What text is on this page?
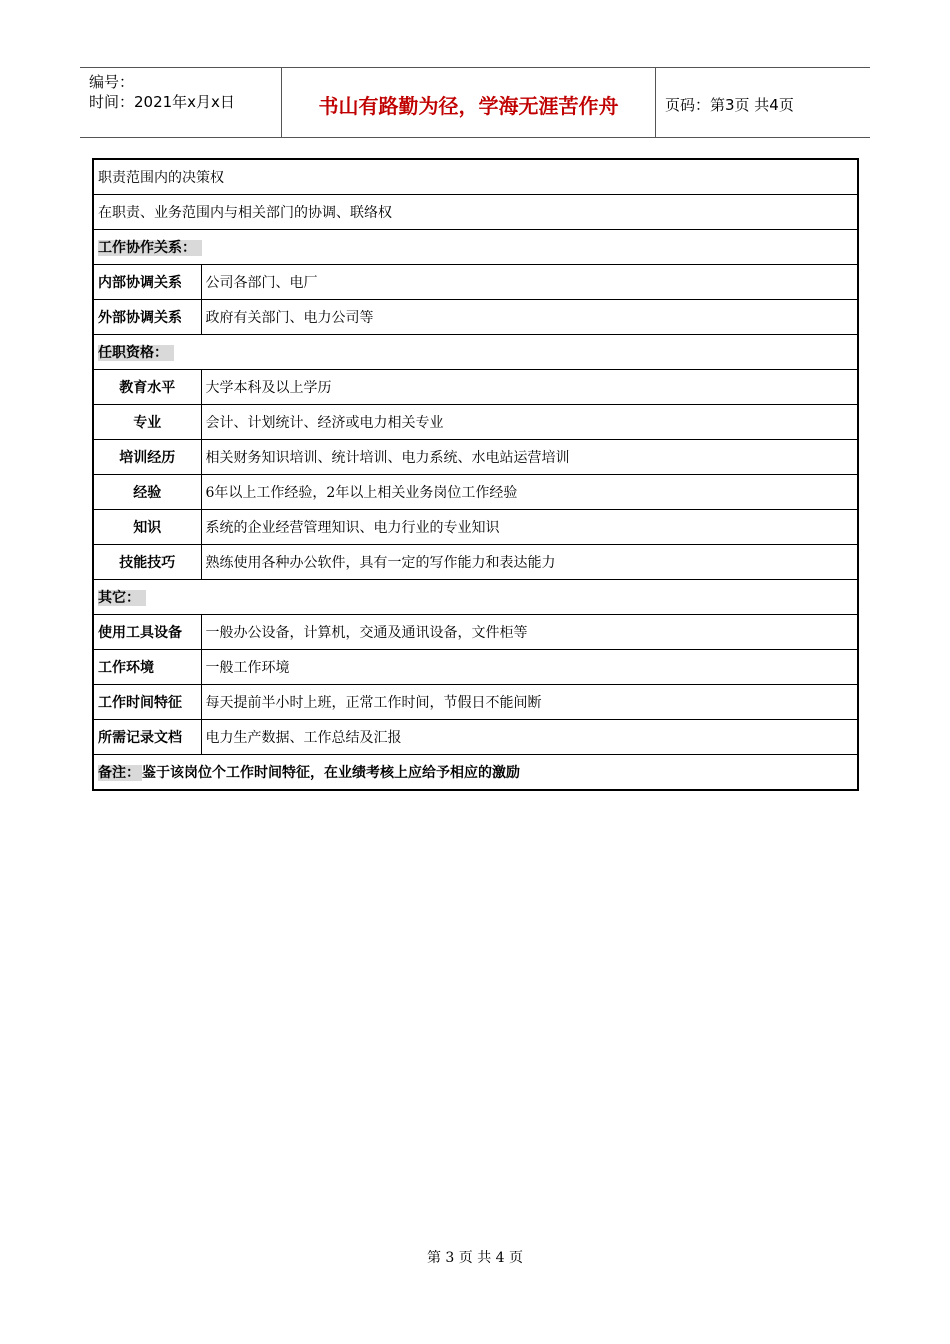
编号：
时间：2021年x月x日	书山有路勤为径，学海无涯苦作舟	页码：第3页 共4页
职责范围内的决策权	
在职责、业务范围内与相关部门的协调、联络权	
工作协作关系：	
内部协调关系	公司各部门、电厂
外部协调关系	政府有关部门、电力公司等
任职资格：	
教育水平	大学本科及以上学历
专业	会计、计划统计、经济或电力相关专业
培训经历	相关财务知识培训、统计培训、电力系统、水电站运营培训
经验	6年以上工作经验，2年以上相关业务岗位工作经验
知识	系统的企业经营管理知识、电力行业的专业知识
技能技巧	熟练使用各种办公软件，具有一定的写作能力和表达能力
其它：	
使用工具设备	一般办公设备，计算机，交通及通讯设备，文件柜等
工作环境	一般工作环境
工作时间特征	每天提前半小时上班，正常工作时间，节假日不能间断
所需记录文档	电力生产数据、工作总结及汇报
备注： 鉴于该岗位个工作时间特征，在业绩考核上应给予相应的激励	
第 3 页 共 4 页
